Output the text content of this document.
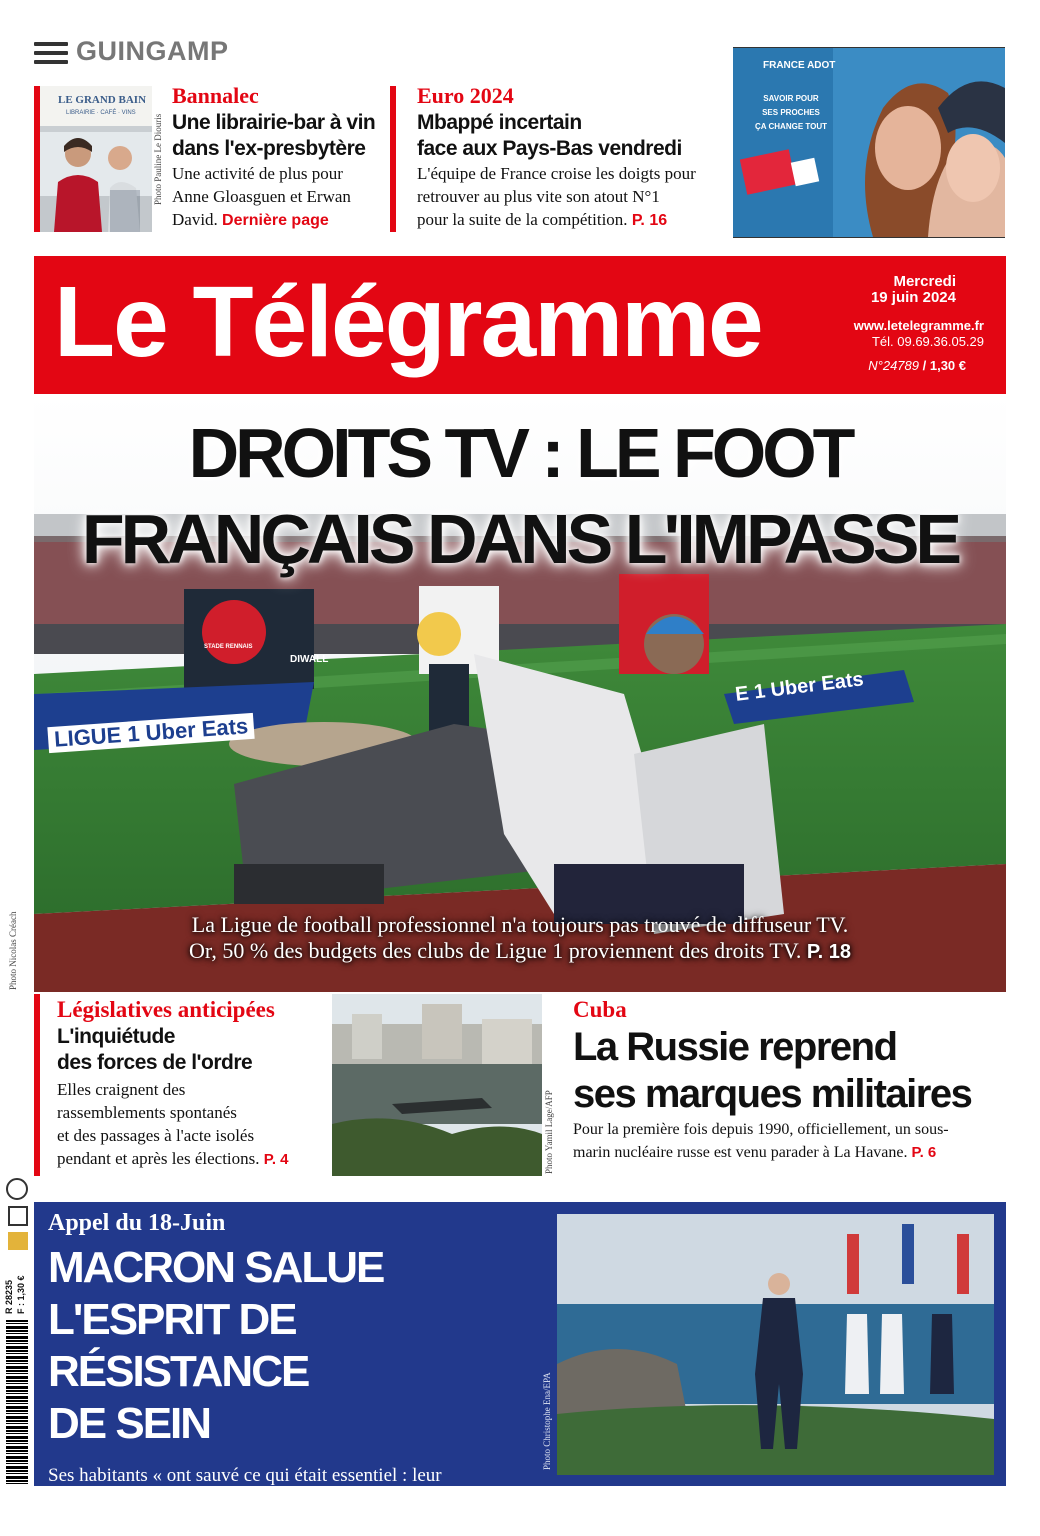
GUINGAMP
LE GRAND BAIN
LIBRAIRIE · CAFÉ · VINS
Photo Pauline Le Diouris
Bannalec
Une librairie-bar à vin
dans l'ex-presbytère
Une activité de plus pour
Anne Gloasguen et Erwan
David. Dernière page
Euro 2024
Mbappé incertain
face aux Pays-Bas vendredi
L'équipe de France croise les doigts pour
retrouver au plus vite son atout N°1
pour la suite de la compétition. P. 16
FRANCE ADOT
SAVOIR POUR
SES PROCHES
ÇA CHANGE TOUT
Le Télégramme	Mercredi
19 juin 2024
www.letelegramme.fr
Tél. 09.69.36.05.29
N°24789 / 1,30 €
Photo Nicolas Créach
LIGUE 1 Uber Eats
E 1 Uber Eats
DIWALL
STADE RENNAIS
DROITS TV : LE FOOT
FRANÇAIS DANS L'IMPASSE
La Ligue de football professionnel n'a toujours pas trouvé de diffuseur TV.
Or, 50 % des budgets des clubs de Ligue 1 proviennent des droits TV. P. 18
Législatives anticipées
L'inquiétude
des forces de l'ordre
Elles craignent des
rassemblements spontanés
et des passages à l'acte isolés
pendant et après les élections. P. 4	Photo Yamil Lage/AFP
Cuba
La Russie reprend
ses marques militaires
Pour la première fois depuis 1990, officiellement, un sous-
marin nucléaire russe est venu parader à La Havane. P. 6
R 28235 F : 1,30 €
Appel du 18-Juin
MACRON SALUE
L'ESPRIT DE RÉSISTANCE
DE SEIN
Ses habitants « ont sauvé ce qui était essentiel : leur
honneur et celui de la Nation », a déclaré le chef de
l'État, sur place, mardi. P. 12
Photo Christophe Ena/EPA
